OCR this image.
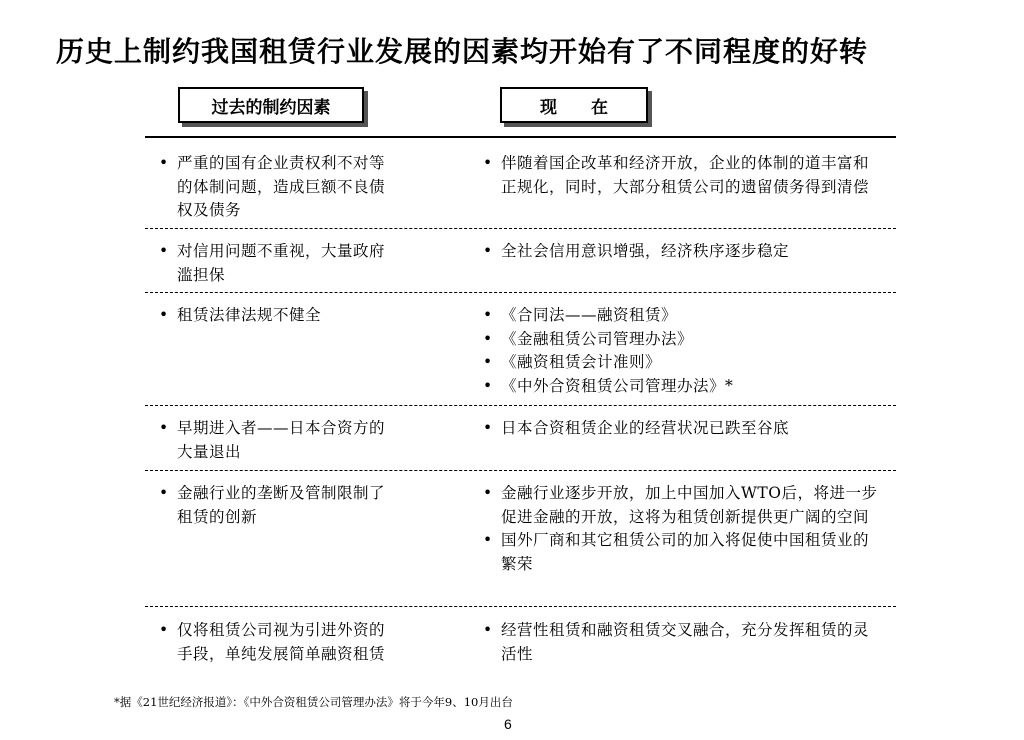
历史上制约我国租赁行业发展的因素均开始有了不同程度的好转
过去的制约因素	现　　在
• 严重的国有企业责权利不对等的体制问题，造成巨额不良债权及债务
• 伴随着国企改革和经济开放，企业的体制的道丰富和正规化，同时，大部分租赁公司的遗留债务得到清偿
• 对信用问题不重视，大量政府滥担保
• 全社会信用意识增强，经济秩序逐步稳定
• 租赁法律法规不健全
•	《合同法——融资租赁》
• 《金融租赁公司管理办法》
• 《融资租赁会计准则》
• 《中外合资租赁公司管理办法》*
• 早期进入者——日本合资方的大量退出
• 日本合资租赁企业的经营状况已跌至谷底
• 金融行业的垄断及管制限制了租赁的创新
• 金融行业逐步开放，加上中国加入WTO后，将进一步促进金融的开放，这将为租赁创新提供更广阔的空间
• 国外厂商和其它租赁公司的加入将促使中国租赁业的繁荣
• 仅将租赁公司视为引进外资的手段，单纯发展简单融资租赁
• 经营性租赁和融资租赁交叉融合，充分发挥租赁的灵活性

*据《21世纪经济报道》：《中外合资租赁公司管理办法》将于今年9、10月出台

6
